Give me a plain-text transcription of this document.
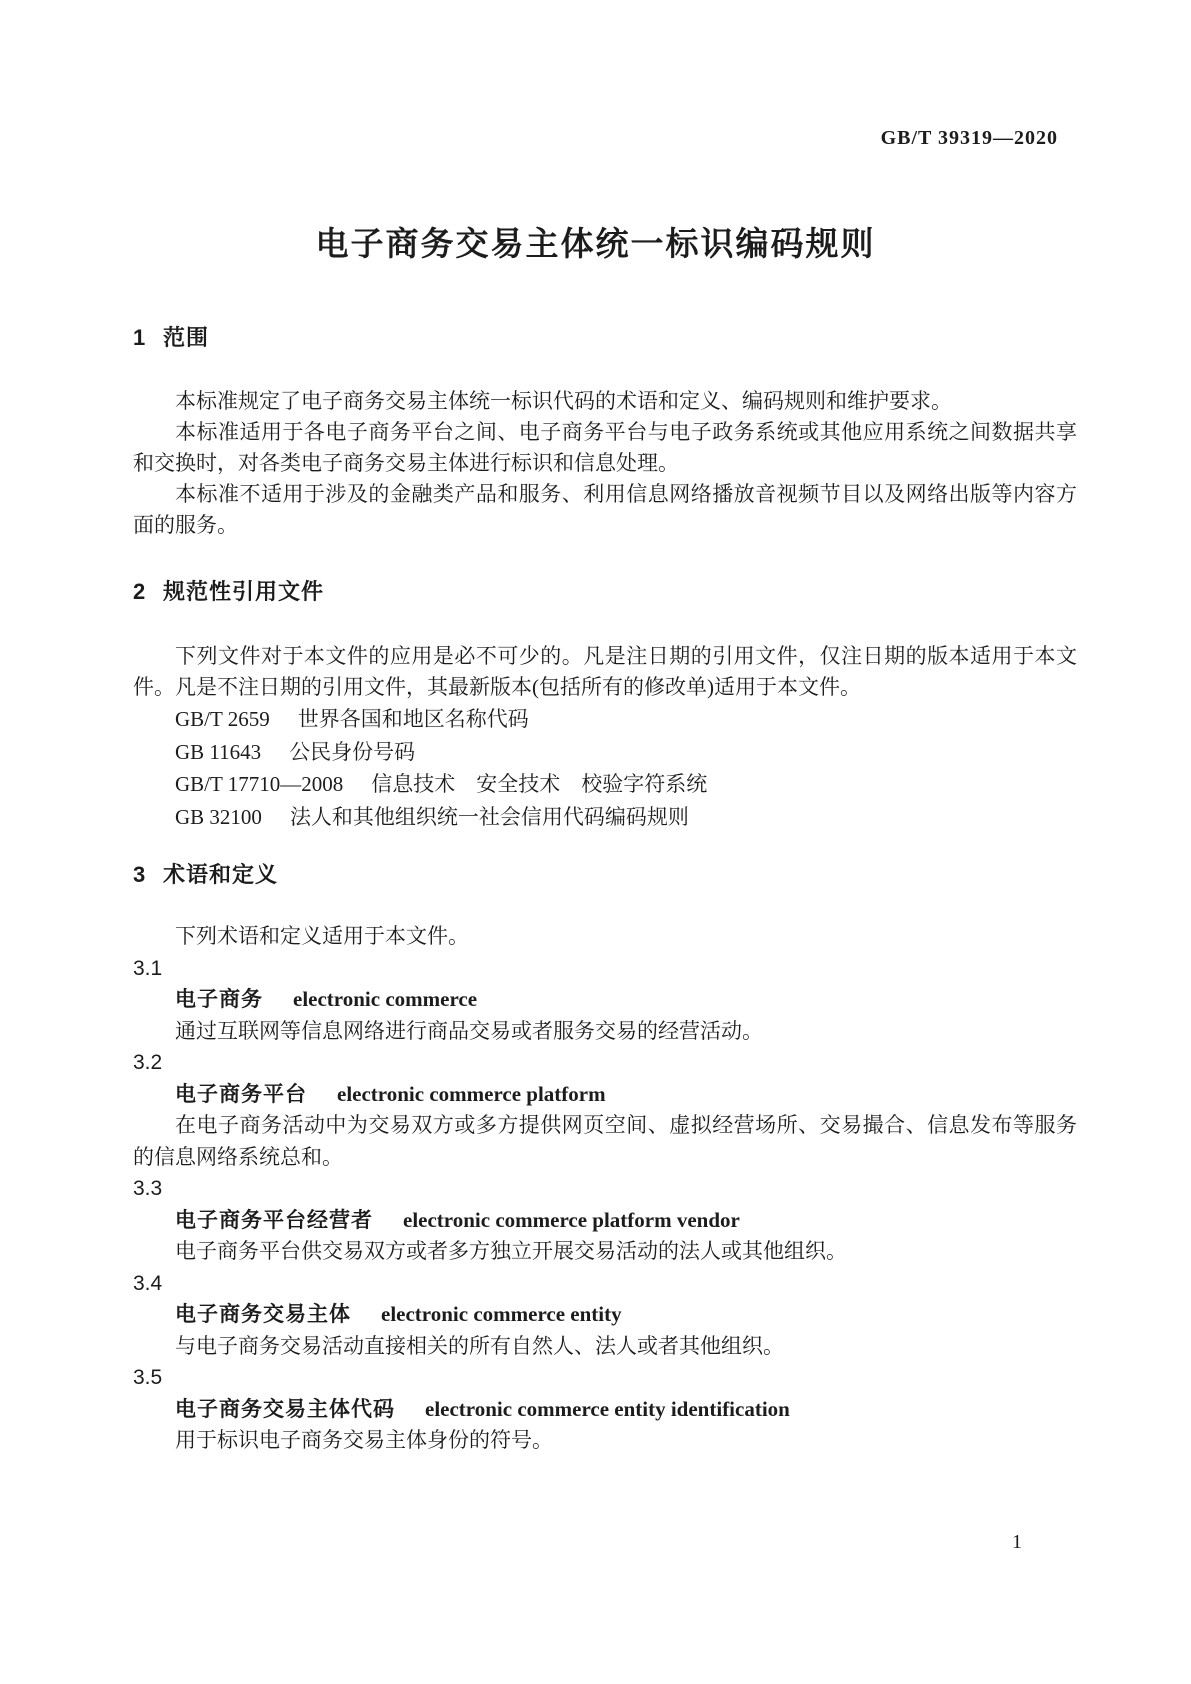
GB/T 39319—2020
电子商务交易主体统一标识编码规则
1 范围

本标准规定了电子商务交易主体统一标识代码的术语和定义、编码规则和维护要求。

本标准适用于各电子商务平台之间、电子商务平台与电子政务系统或其他应用系统之间数据共享和交换时，对各类电子商务交易主体进行标识和信息处理。

本标准不适用于涉及的金融类产品和服务、利用信息网络播放音视频节目以及网络出版等内容方面的服务。

2 规范性引用文件

下列文件对于本文件的应用是必不可少的。凡是注日期的引用文件，仅注日期的版本适用于本文件。凡是不注日期的引用文件，其最新版本(包括所有的修改单)适用于本文件。

GB/T 2659 世界各国和地区名称代码
GB 11643 公民身份号码
GB/T 17710—2008 信息技术　安全技术　校验字符系统
GB 32100 法人和其他组织统一社会信用代码编码规则
3 术语和定义

下列术语和定义适用于本文件。

3.1
电子商务 electronic commerce

通过互联网等信息网络进行商品交易或者服务交易的经营活动。

3.2
电子商务平台 electronic commerce platform

在电子商务活动中为交易双方或多方提供网页空间、虚拟经营场所、交易撮合、信息发布等服务的信息网络系统总和。

3.3
电子商务平台经营者 electronic commerce platform vendor

电子商务平台供交易双方或者多方独立开展交易活动的法人或其他组织。

3.4
电子商务交易主体 electronic commerce entity

与电子商务交易活动直接相关的所有自然人、法人或者其他组织。

3.5
电子商务交易主体代码 electronic commerce entity identification

用于标识电子商务交易主体身份的符号。

1
